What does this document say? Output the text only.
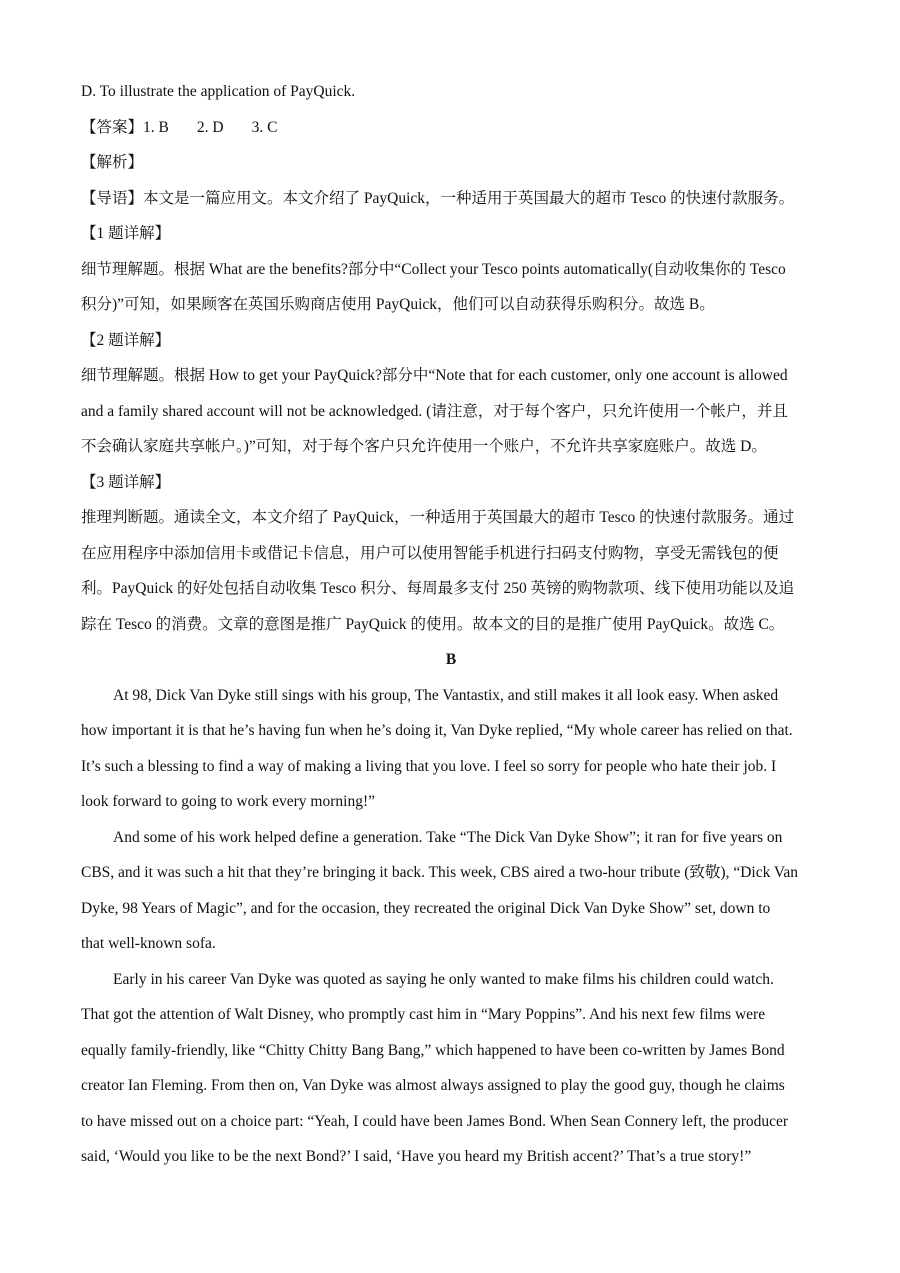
D. To illustrate the application of PayQuick.
【答案】1. B 2. D 3. C
【解析】
【导语】本文是一篇应用文。本文介绍了 PayQuick，一种适用于英国最大的超市 Tesco 的快速付款服务。
【1 题详解】
细节理解题。根据 What are the benefits?部分中“Collect your Tesco points automatically(自动收集你的 Tesco
积分)”可知，如果顾客在英国乐购商店使用 PayQuick，他们可以自动获得乐购积分。故选 B。
【2 题详解】
细节理解题。根据 How to get your PayQuick?部分中“Note that for each customer, only one account is allowed
and a family shared account will not be acknowledged. (请注意，对于每个客户，只允许使用一个帐户，并且
不会确认家庭共享帐户。)”可知，对于每个客户只允许使用一个账户，不允许共享家庭账户。故选 D。
【3 题详解】
推理判断题。通读全文，本文介绍了 PayQuick，一种适用于英国最大的超市 Tesco 的快速付款服务。通过
在应用程序中添加信用卡或借记卡信息，用户可以使用智能手机进行扫码支付购物，享受无需钱包的便
利。PayQuick 的好处包括自动收集 Tesco 积分、每周最多支付 250 英镑的购物款项、线下使用功能以及追
踪在 Tesco 的消费。文章的意图是推广 PayQuick 的使用。故本文的目的是推广使用 PayQuick。故选 C。
B
At 98, Dick Van Dyke still sings with his group, The Vantastix, and still makes it all look easy. When asked
how important it is that he’s having fun when he’s doing it, Van Dyke replied, “My whole career has relied on that.
It’s such a blessing to find a way of making a living that you love. I feel so sorry for people who hate their job. I
look forward to going to work every morning!”
And some of his work helped define a generation. Take “The Dick Van Dyke Show”; it ran for five years on
CBS, and it was such a hit that they’re bringing it back. This week, CBS aired a two-hour tribute (致敬), “Dick Van
Dyke, 98 Years of Magic”, and for the occasion, they recreated the original Dick Van Dyke Show” set, down to
that well-known sofa.
Early in his career Van Dyke was quoted as saying he only wanted to make films his children could watch.
That got the attention of Walt Disney, who promptly cast him in “Mary Poppins”. And his next few films were
equally family-friendly, like “Chitty Chitty Bang Bang,” which happened to have been co-written by James Bond
creator Ian Fleming. From then on, Van Dyke was almost always assigned to play the good guy, though he claims
to have missed out on a choice part: “Yeah, I could have been James Bond. When Sean Connery left, the producer
said, ‘Would you like to be the next Bond?’ I said, ‘Have you heard my British accent?’ That’s a true story!”
